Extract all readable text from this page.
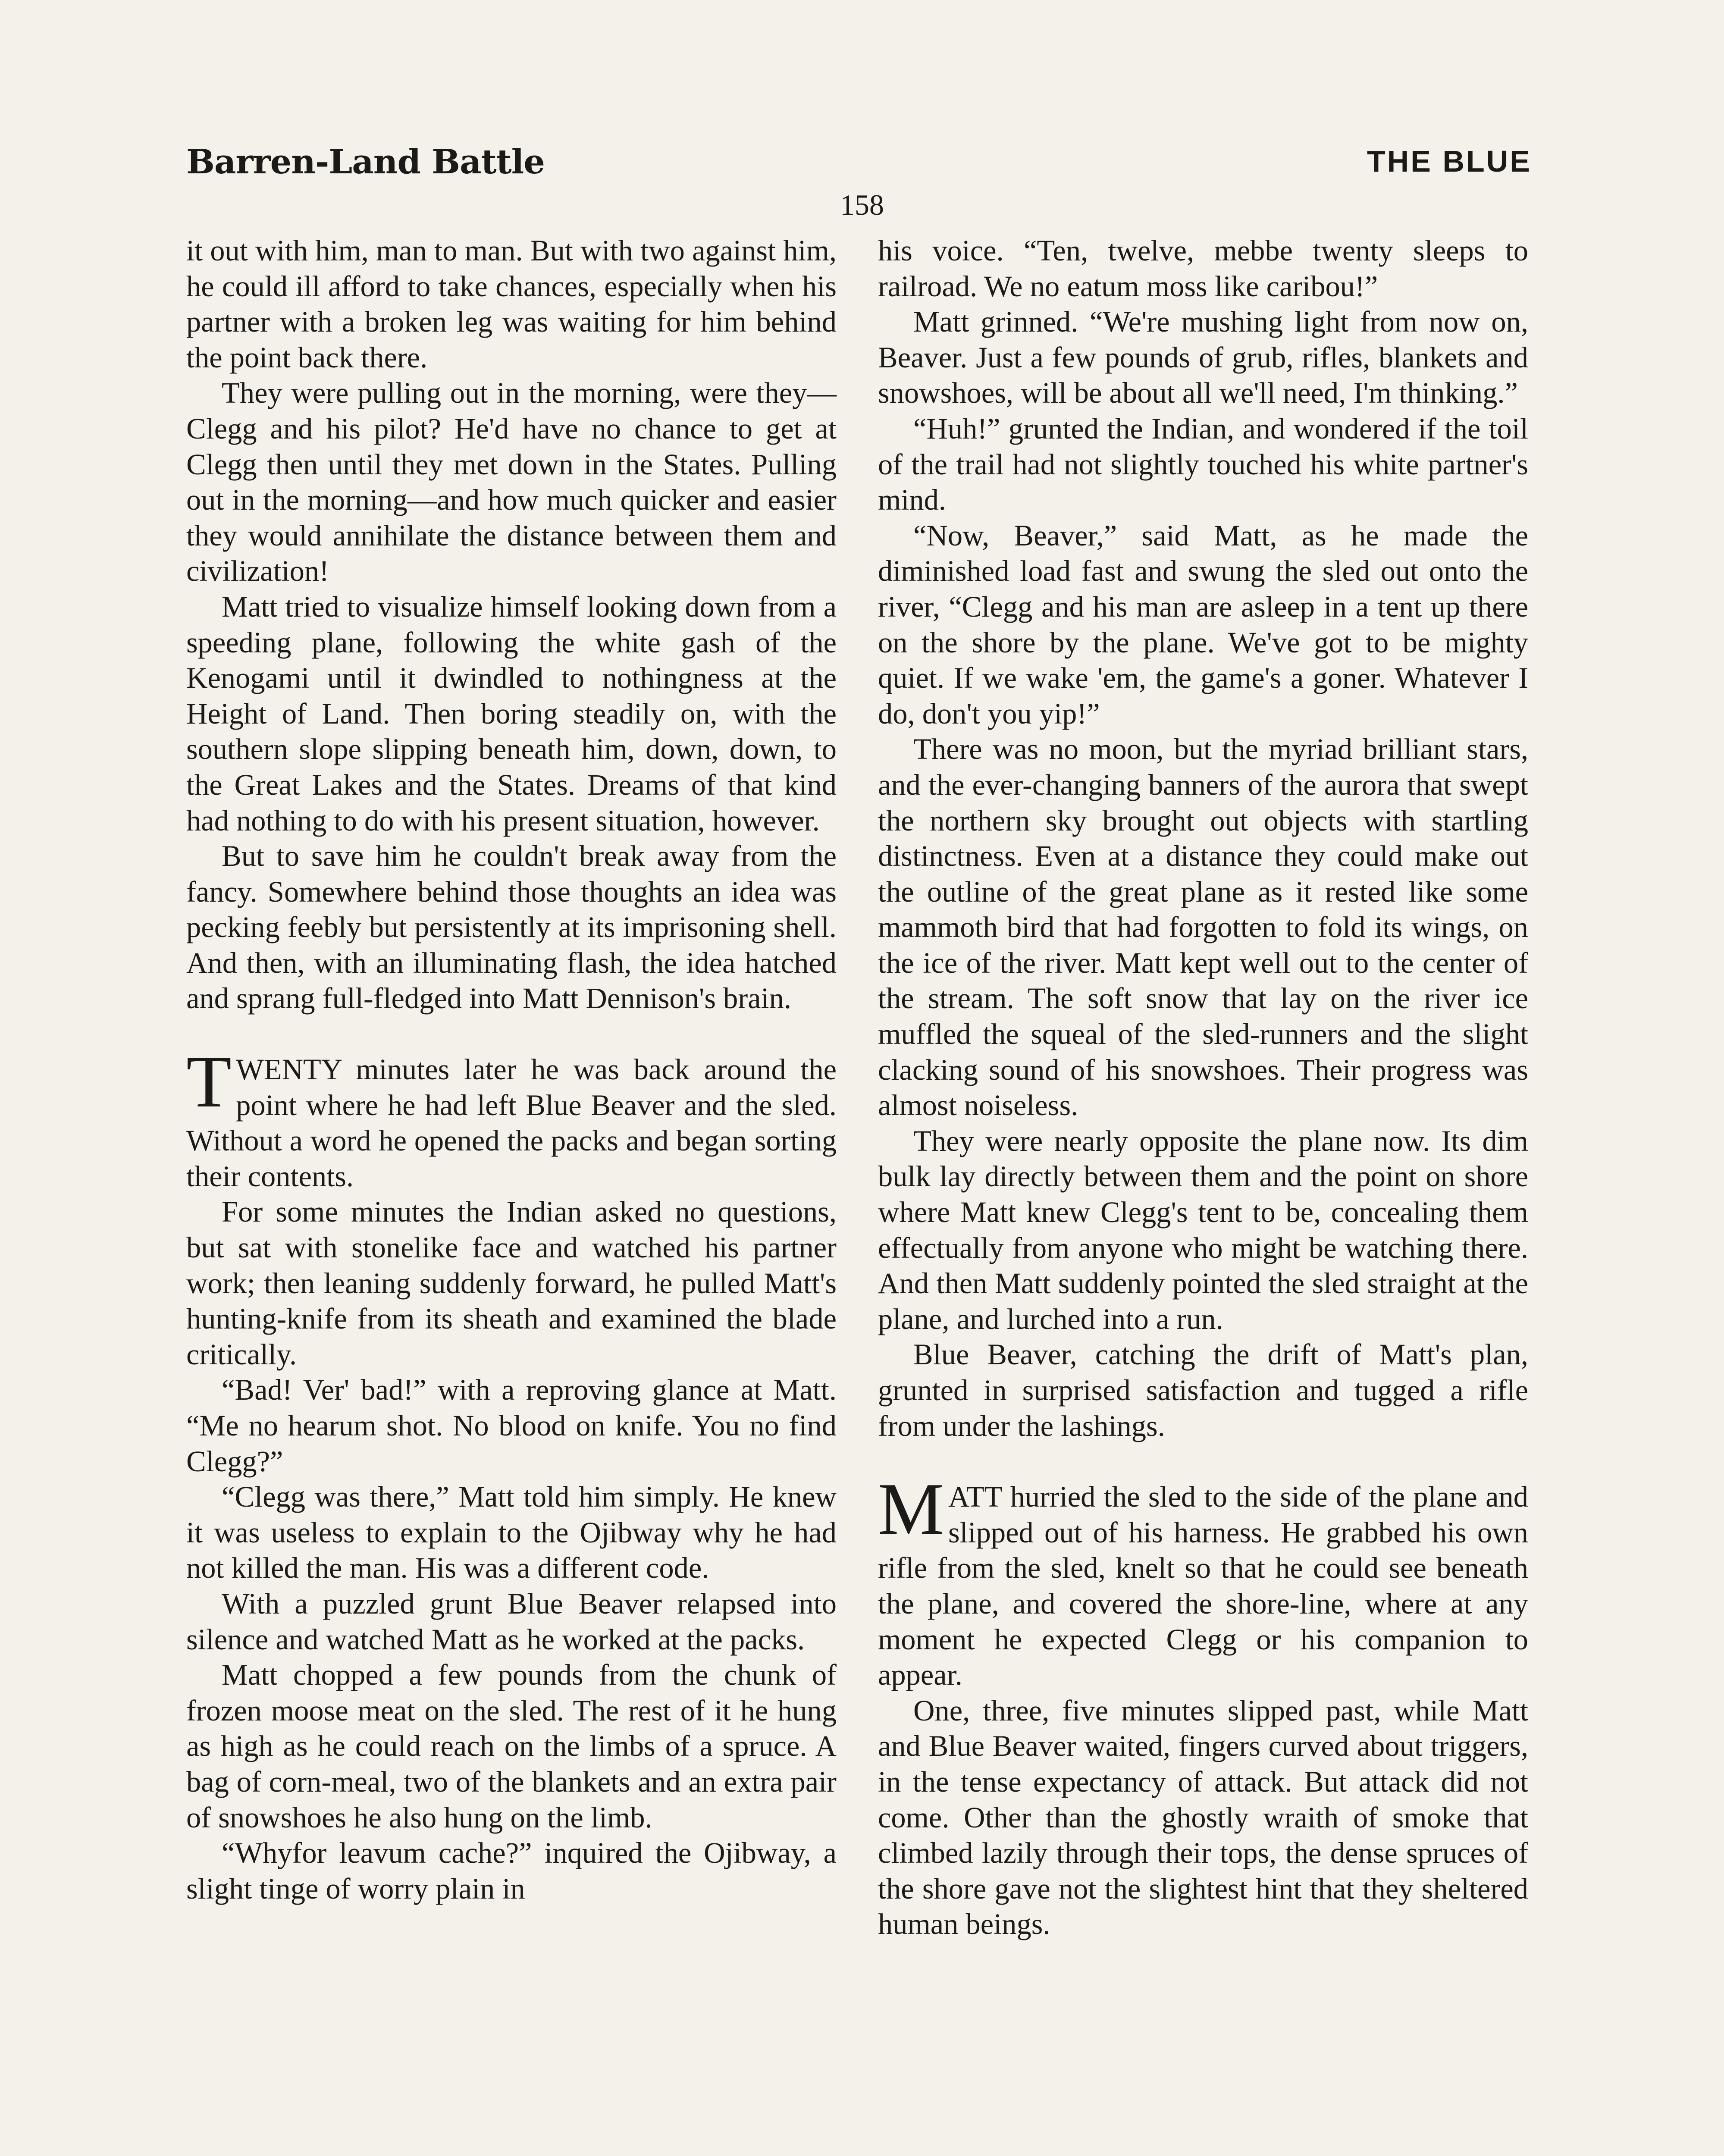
Barren-Land Battle	THE BLUE
158

it out with him, man to man. But with two against him, he could ill afford to take chances, especially when his partner with a broken leg was waiting for him behind the point back there.

They were pulling out in the morning, were they—Clegg and his pilot? He'd have no chance to get at Clegg then until they met down in the States. Pulling out in the morning—and how much quicker and easier they would annihilate the distance between them and civilization!

Matt tried to visualize himself looking down from a speeding plane, following the white gash of the Kenogami until it dwindled to nothingness at the Height of Land. Then boring steadily on, with the southern slope slipping beneath him, down, down, to the Great Lakes and the States. Dreams of that kind had nothing to do with his present situation, however.

But to save him he couldn't break away from the fancy. Somewhere behind those thoughts an idea was pecking feebly but persistently at its imprisoning shell. And then, with an illuminating flash, the idea hatched and sprang full-fledged into Matt Dennison's brain.

TWENTY minutes later he was back around the point where he had left Blue Beaver and the sled. Without a word he opened the packs and began sorting their contents.

For some minutes the Indian asked no questions, but sat with stonelike face and watched his partner work; then leaning suddenly forward, he pulled Matt's hunting-knife from its sheath and examined the blade critically.

“Bad! Ver' bad!” with a reproving glance at Matt. “Me no hearum shot. No blood on knife. You no find Clegg?”

“Clegg was there,” Matt told him simply. He knew it was useless to explain to the Ojibway why he had not killed the man. His was a different code.

With a puzzled grunt Blue Beaver relapsed into silence and watched Matt as he worked at the packs.

Matt chopped a few pounds from the chunk of frozen moose meat on the sled. The rest of it he hung as high as he could reach on the limbs of a spruce. A bag of corn-meal, two of the blankets and an extra pair of snowshoes he also hung on the limb.

“Whyfor leavum cache?” inquired the Ojibway, a slight tinge of worry plain in

his voice. “Ten, twelve, mebbe twenty sleeps to railroad. We no eatum moss like caribou!”

Matt grinned. “We're mushing light from now on, Beaver. Just a few pounds of grub, rifles, blankets and snowshoes, will be about all we'll need, I'm thinking.”

“Huh!” grunted the Indian, and wondered if the toil of the trail had not slightly touched his white partner's mind.

“Now, Beaver,” said Matt, as he made the diminished load fast and swung the sled out onto the river, “Clegg and his man are asleep in a tent up there on the shore by the plane. We've got to be mighty quiet. If we wake 'em, the game's a goner. Whatever I do, don't you yip!”

There was no moon, but the myriad brilliant stars, and the ever-changing banners of the aurora that swept the northern sky brought out objects with startling distinctness. Even at a distance they could make out the outline of the great plane as it rested like some mammoth bird that had forgotten to fold its wings, on the ice of the river. Matt kept well out to the center of the stream. The soft snow that lay on the river ice muffled the squeal of the sled-runners and the slight clacking sound of his snowshoes. Their progress was almost noiseless.

They were nearly opposite the plane now. Its dim bulk lay directly between them and the point on shore where Matt knew Clegg's tent to be, concealing them effectually from anyone who might be watching there. And then Matt suddenly pointed the sled straight at the plane, and lurched into a run.

Blue Beaver, catching the drift of Matt's plan, grunted in surprised satisfaction and tugged a rifle from under the lashings.

MATT hurried the sled to the side of the plane and slipped out of his harness. He grabbed his own rifle from the sled, knelt so that he could see beneath the plane, and covered the shore-line, where at any moment he expected Clegg or his companion to appear.

One, three, five minutes slipped past, while Matt and Blue Beaver waited, fingers curved about triggers, in the tense expectancy of attack. But attack did not come. Other than the ghostly wraith of smoke that climbed lazily through their tops, the dense spruces of the shore gave not the slightest hint that they sheltered human beings.
